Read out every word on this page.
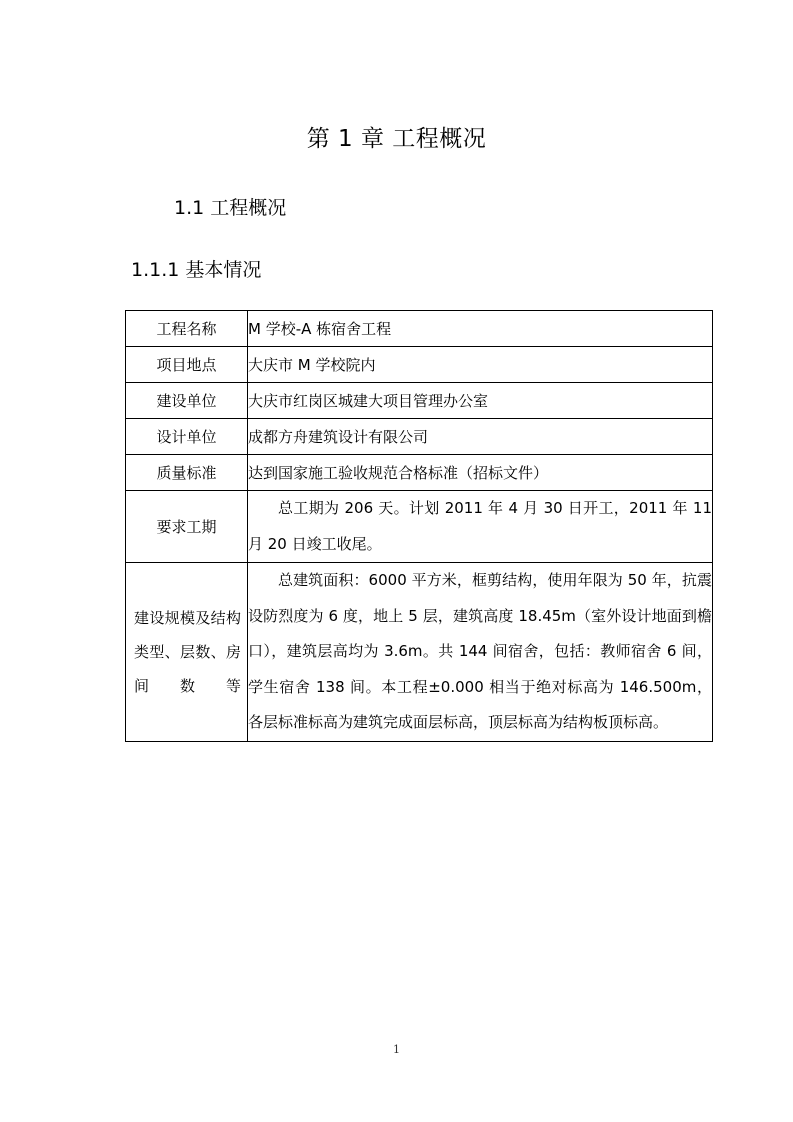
第 1 章 工程概况
1.1 工程概况
1.1.1 基本情况
工程名称	M 学校-A 栋宿舍工程
项目地点	大庆市 M 学校院内
建设单位	大庆市红岗区城建大项目管理办公室
设计单位	成都方舟建筑设计有限公司
质量标准	达到国家施工验收规范合格标准（招标文件）
要求工期	总工期为 206 天。计划 2011 年 4 月 30 日开工，2011 年 11 月 20 日竣工收尾。
建设规模及结构类型、层数、房间数等	总建筑面积：6000 平方米，框剪结构，使用年限为 50 年，抗震设防烈度为 6 度，地上 5 层，建筑高度 18.45m（室外设计地面到檐口），建筑层高均为 3.6m。共 144 间宿舍，包括：教师宿舍 6 间，学生宿舍 138 间。本工程±0.000 相当于绝对标高为 146.500m，各层标准标高为建筑完成面层标高，顶层标高为结构板顶标高。
1
